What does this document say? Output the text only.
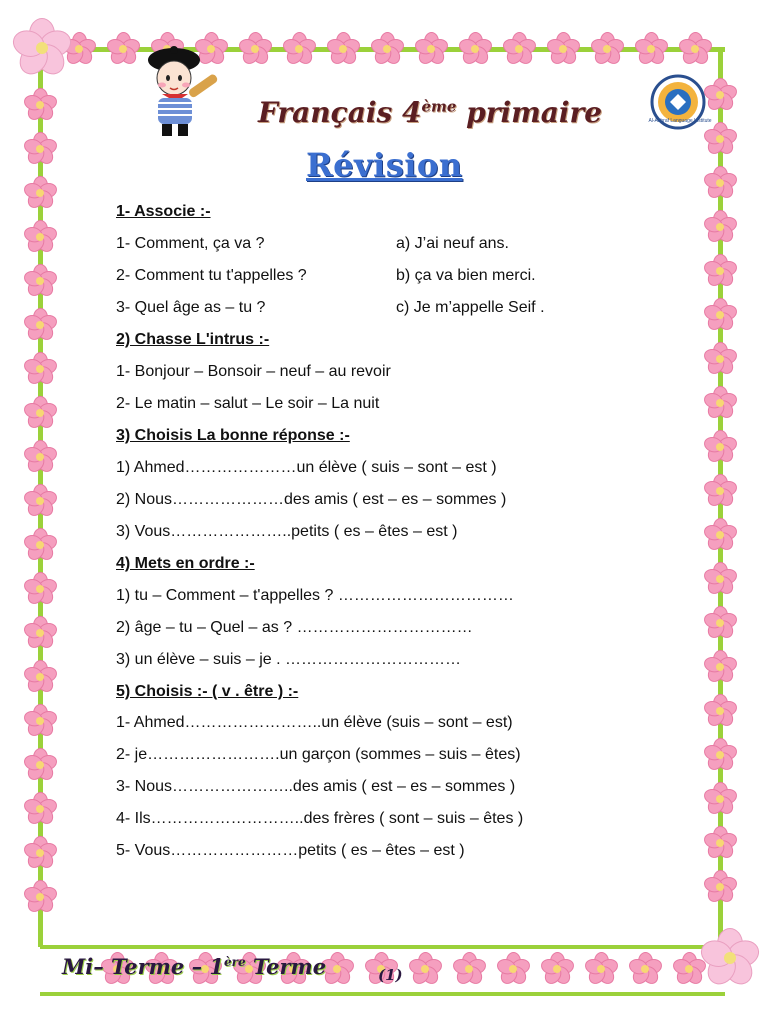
Al-Ashraf Language Institute
Français 4ème primaire
Révision
1- Associe :-
1- Comment, ça va ?	a) J’ai neuf ans.
2- Comment tu t'appelles ?	b) ça va bien merci.
3- Quel âge as – tu ?	c) Je m’appelle Seif .
2) Chasse L'intrus :-
1- Bonjour – Bonsoir – neuf – au revoir
2- Le matin – salut – Le soir – La nuit
3) Choisis La bonne réponse :-
1) Ahmed…………………un élève ( suis – sont – est )
2) Nous…………………des amis ( est – es – sommes )
3) Vous…………………..petits ( es – êtes – est )
4) Mets en ordre :-
1) tu – Comment – t'appelles ? ……………………………
2) âge – tu – Quel – as ? ……………………………
3) un élève – suis – je . ……………………………
5) Choisis :- ( v . être ) :-
1- Ahmed……………………..un élève (suis – sont – est)
2- je…………………….un garçon (sommes – suis – êtes)
3- Nous…………………..des amis ( est – es – sommes )
4- Ils………………………..des frères ( sont – suis – êtes )
5- Vous……………………petits ( es – êtes – est )
Mi– Terme – 1ère Terme	(1)
